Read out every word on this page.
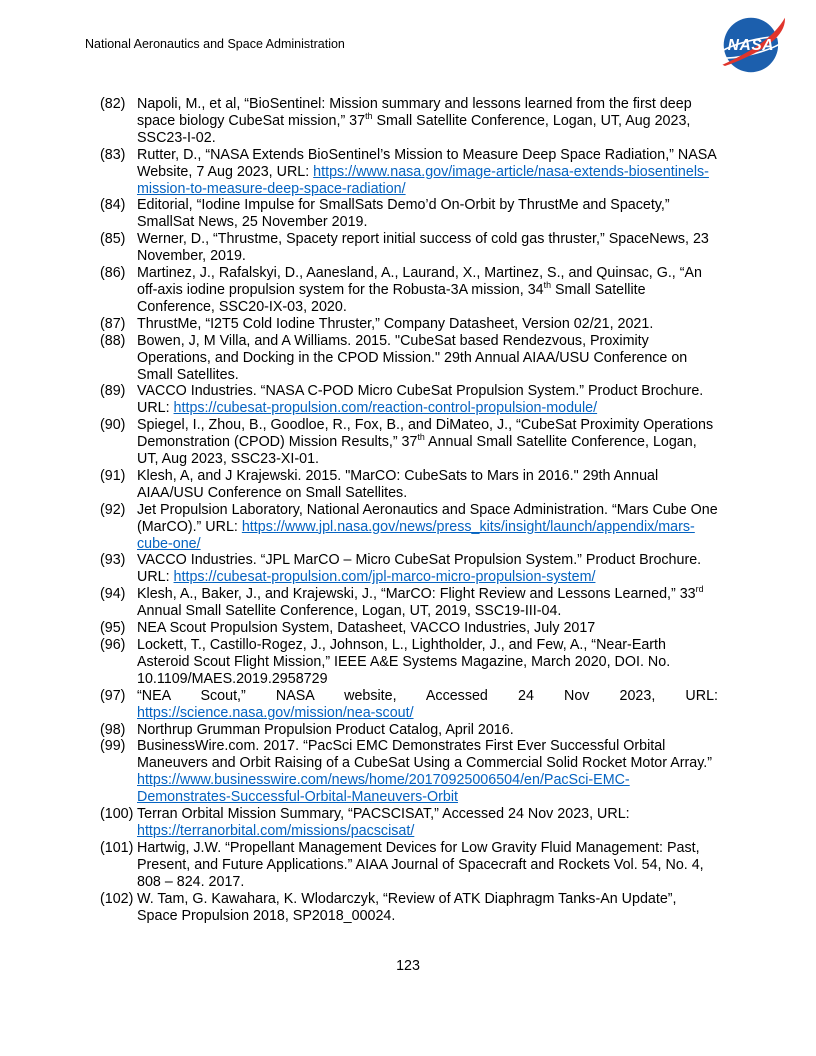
National Aeronautics and Space Administration	NASA
(82) Napoli, M., et al, “BioSentinel: Mission summary and lessons learned from the first deep space biology CubeSat mission,” 37th Small Satellite Conference, Logan, UT, Aug 2023, SSC23-I-02.
(83) Rutter, D., “NASA Extends BioSentinel’s Mission to Measure Deep Space Radiation,” NASA Website, 7 Aug 2023, URL: https://www.nasa.gov/image-article/nasa-extends-biosentinels-mission-to-measure-deep-space-radiation/
(84) Editorial, “Iodine Impulse for SmallSats Demo’d On-Orbit by ThrustMe and Spacety,” SmallSat News, 25 November 2019.
(85) Werner, D., “Thrustme, Spacety report initial success of cold gas thruster,” SpaceNews, 23 November, 2019.
(86) Martinez, J., Rafalskyi, D., Aanesland, A., Laurand, X., Martinez, S., and Quinsac, G., “An off-axis iodine propulsion system for the Robusta-3A mission, 34th Small Satellite Conference, SSC20-IX-03, 2020.
(87) ThrustMe, “I2T5 Cold Iodine Thruster,” Company Datasheet, Version 02/21, 2021.
(88) Bowen, J, M Villa, and A Williams. 2015. "CubeSat based Rendezvous, Proximity Operations, and Docking in the CPOD Mission." 29th Annual AIAA/USU Conference on Small Satellites.
(89) VACCO Industries. “NASA C-POD Micro CubeSat Propulsion System.” Product Brochure. URL: https://cubesat-propulsion.com/reaction-control-propulsion-module/
(90) Spiegel, I., Zhou, B., Goodloe, R., Fox, B., and DiMateo, J., “CubeSat Proximity Operations Demonstration (CPOD) Mission Results,” 37th Annual Small Satellite Conference, Logan, UT, Aug 2023, SSC23-XI-01.
(91) Klesh, A, and J Krajewski. 2015. "MarCO: CubeSats to Mars in 2016." 29th Annual AIAA/USU Conference on Small Satellites.
(92) Jet Propulsion Laboratory, National Aeronautics and Space Administration. “Mars Cube One (MarCO).” URL: https://www.jpl.nasa.gov/news/press_kits/insight/launch/appendix/mars-cube-one/
(93) VACCO Industries. “JPL MarCO – Micro CubeSat Propulsion System.” Product Brochure. URL: https://cubesat-propulsion.com/jpl-marco-micro-propulsion-system/
(94) Klesh, A., Baker, J., and Krajewski, J., “MarCO: Flight Review and Lessons Learned,” 33rd Annual Small Satellite Conference, Logan, UT, 2019, SSC19-III-04.
(95) NEA Scout Propulsion System, Datasheet, VACCO Industries, July 2017
(96) Lockett, T., Castillo-Rogez, J., Johnson, L., Lightholder, J., and Few, A., “Near-Earth Asteroid Scout Flight Mission,” IEEE A&E Systems Magazine, March 2020, DOI. No. 10.1109/MAES.2019.2958729
(97) “NEA Scout,” NASA website, Accessed 24 Nov 2023, URL: https://science.nasa.gov/mission/nea-scout/
(98) Northrup Grumman Propulsion Product Catalog, April 2016.
(99) BusinessWire.com. 2017. “PacSci EMC Demonstrates First Ever Successful Orbital Maneuvers and Orbit Raising of a CubeSat Using a Commercial Solid Rocket Motor Array.” https://www.businesswire.com/news/home/20170925006504/en/PacSci-EMC-Demonstrates-Successful-Orbital-Maneuvers-Orbit
(100) Terran Orbital Mission Summary, “PACSCISAT,” Accessed 24 Nov 2023, URL: https://terranorbital.com/missions/pacscisat/
(101) Hartwig, J.W. “Propellant Management Devices for Low Gravity Fluid Management: Past, Present, and Future Applications.” AIAA Journal of Spacecraft and Rockets Vol. 54, No. 4, 808 – 824. 2017.
(102) W. Tam, G. Kawahara, K. Wlodarczyk, “Review of ATK Diaphragm Tanks-An Update”, Space Propulsion 2018, SP2018_00024.
123
